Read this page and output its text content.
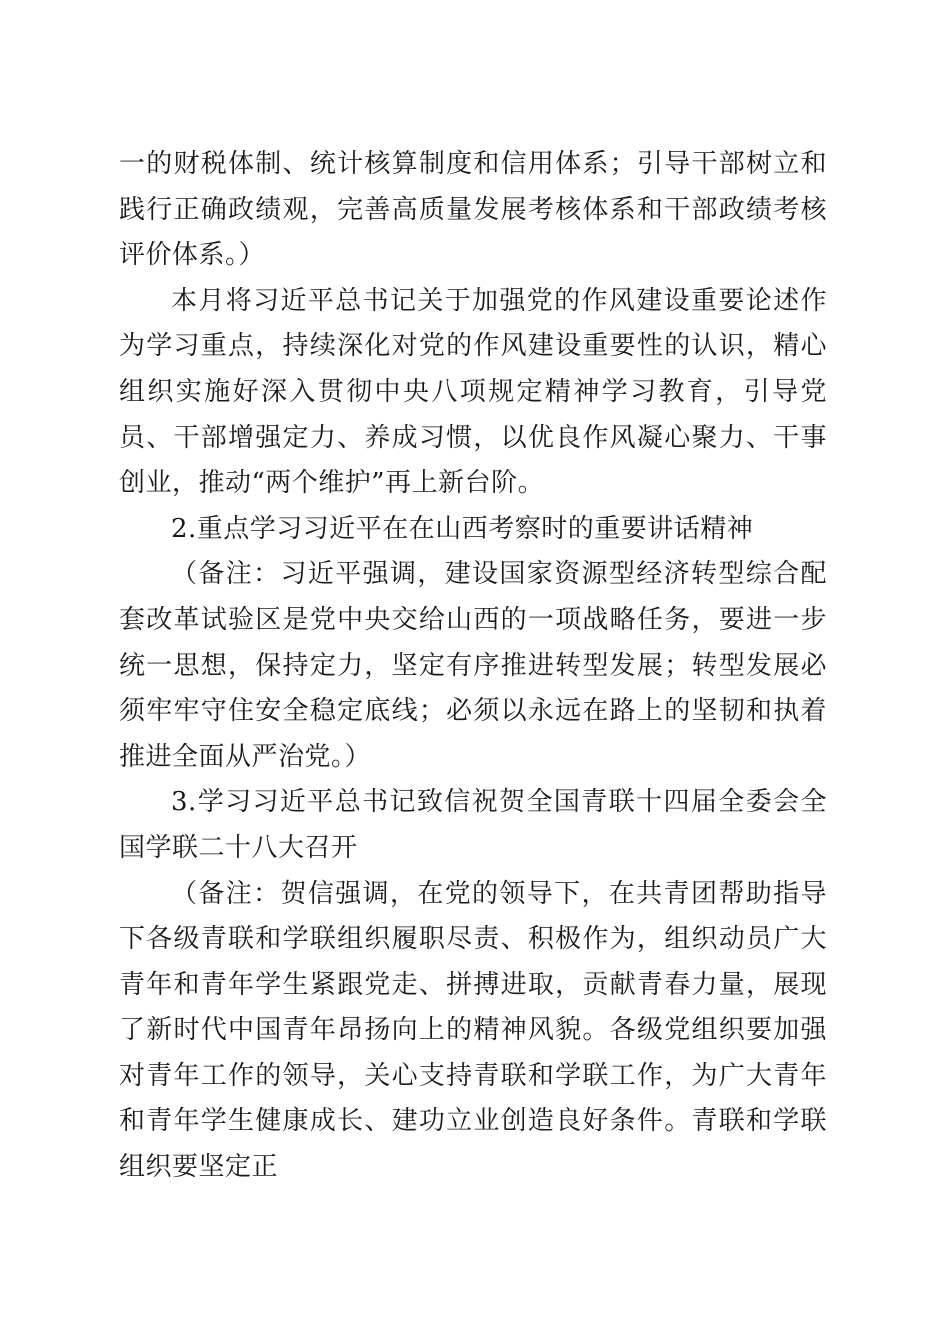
一的财税体制、统计核算制度和信用体系；引导干部树立和践行正确政绩观，完善高质量发展考核体系和干部政绩考核评价体系。）

本月将习近平总书记关于加强党的作风建设重要论述作为学习重点，持续深化对党的作风建设重要性的认识，精心组织实施好深入贯彻中央八项规定精神学习教育，引导党员、干部增强定力、养成习惯，以优良作风凝心聚力、干事创业，推动“两个维护”再上新台阶。

2.重点学习习近平在在山西考察时的重要讲话精神

（备注：习近平强调，建设国家资源型经济转型综合配套改革试验区是党中央交给山西的一项战略任务，要进一步统一思想，保持定力，坚定有序推进转型发展；转型发展必须牢牢守住安全稳定底线；必须以永远在路上的坚韧和执着推进全面从严治党。）

3.学习习近平总书记致信祝贺全国青联十四届全委会全国学联二十八大召开

（备注：贺信强调，在党的领导下，在共青团帮助指导下各级青联和学联组织履职尽责、积极作为，组织动员广大青年和青年学生紧跟党走、拼搏进取，贡献青春力量，展现了新时代中国青年昂扬向上的精神风貌。各级党组织要加强对青年工作的领导，关心支持青联和学联工作，为广大青年和青年学生健康成长、建功立业创造良好条件。青联和学联组织要坚定正
